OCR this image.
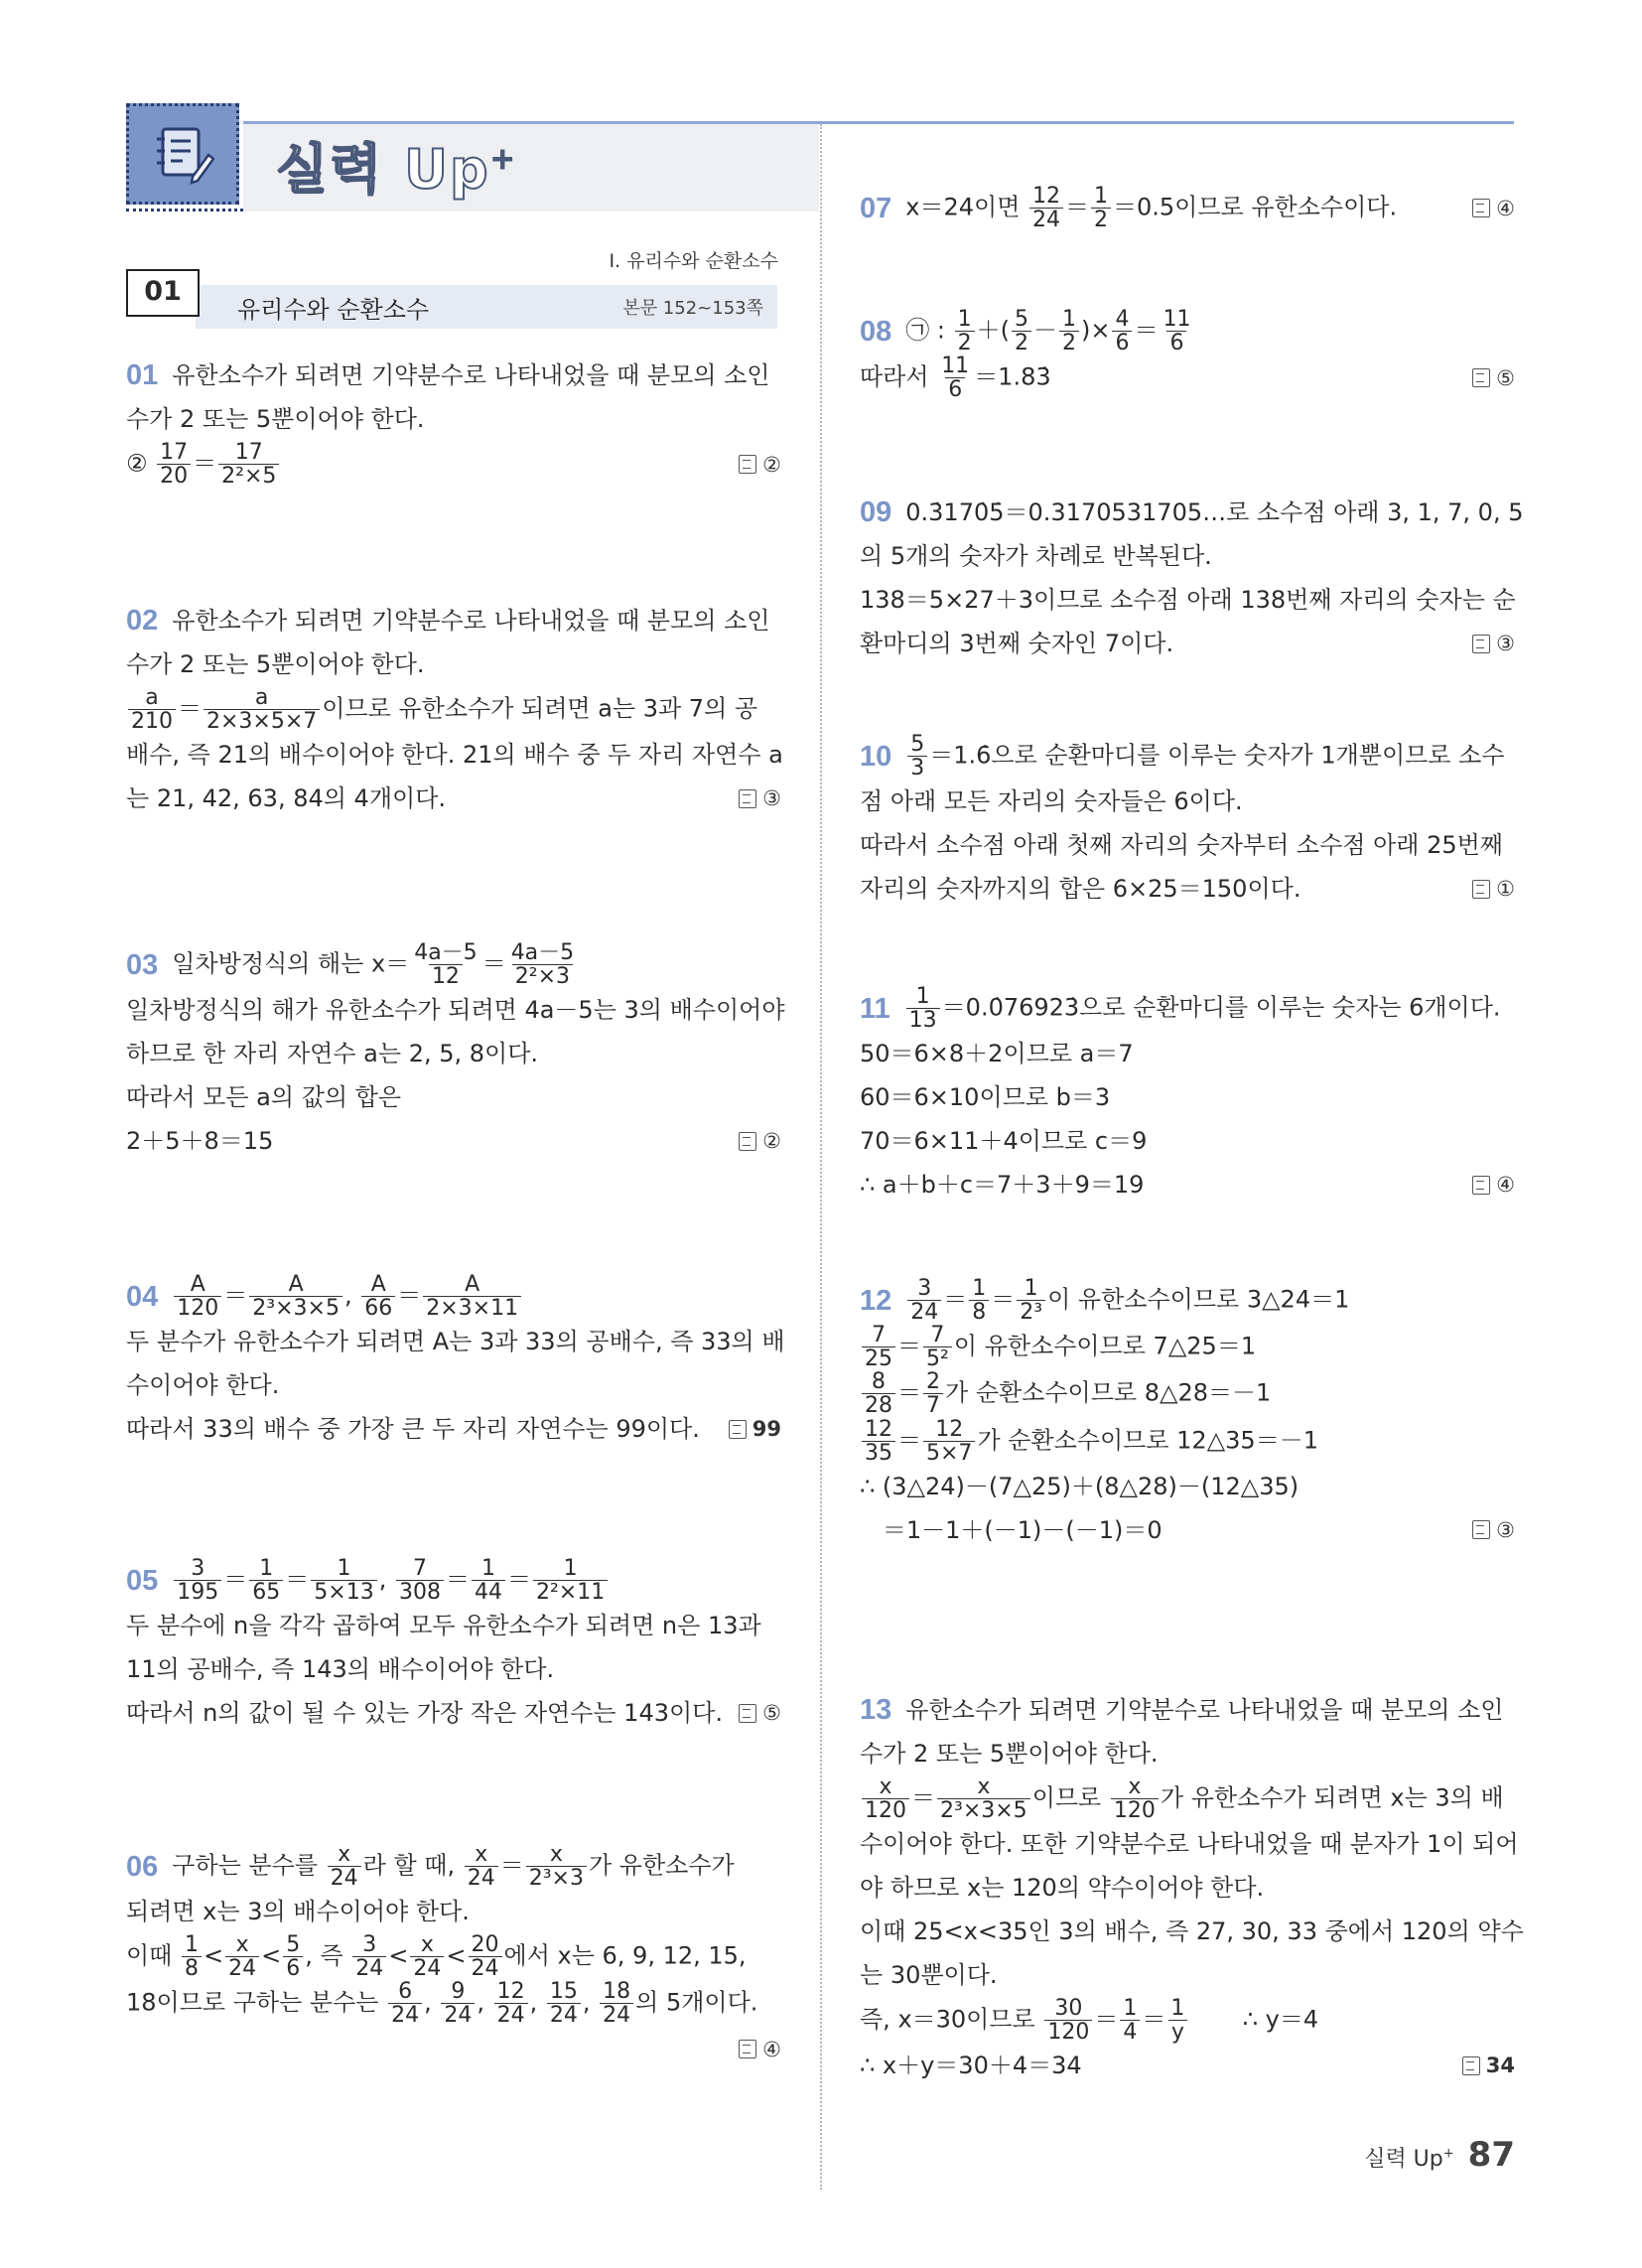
실력 Up+
Ⅰ. 유리수와 순환소수
유리수와 순환소수	본문 152~153쪽
01
01 유한소수가 되려면 기약분수로 나타내었을 때 분모의 소인
수가 2 또는 5뿐이어야 한다.
② $\frac{17}{20} = \frac{17}{\text{2²×5}}$	②
02 유한소수가 되려면 기약분수로 나타내었을 때 분모의 소인
수가 2 또는 5뿐이어야 한다.
$\frac{a}{210} = \frac{a}{2\times 3\times 5\times 7}$ 이므로 유한소수가 되려면 a는 3과 7의 공
배수, 즉 21의 배수이어야 한다. 21의 배수 중 두 자리 자연수 a
는 21, 42, 63, 84의 4개이다.	③
03 일차방정식의 해는 $x= \frac{4a-5}{12} = \frac{4a-5}{\text{2²×3}}$
일차방정식의 해가 유한소수가 되려면 4a－5는 3의 배수이어야
하므로 한 자리 자연수 a는 2, 5, 8이다.
따라서 모든 a의 값의 합은
2＋5＋8＝15	②
$04 \frac{A}{120} = \frac{A}{\text{2³×3×5}}$ , $\frac{A}{66} = \frac{A}{2\times 3\times 11}$
두 분수가 유한소수가 되려면 A는 3과 33의 공배수, 즉 33의 배
수이어야 한다.
따라서 33의 배수 중 가장 큰 두 자리 자연수는 99이다.	99
$05 \frac{3}{195} = \frac{1}{65} = \frac{1}{5\times 13}$ , $\frac{7}{308} = \frac{1}{44} = \frac{1}{\text{2²×11}}$
두 분수에 n을 각각 곱하여 모두 유한소수가 되려면 n은 13과
11의 공배수, 즉 143의 배수이어야 한다.
따라서 n의 값이 될 수 있는 가장 작은 자연수는 143이다. ⑤
06 구하는 분수를 $\frac{x}{24}$ 라 할 때, $\frac{x}{24} = \frac{x}{\text{2³×3}}$ 가 유한소수가
되려면 x는 3의 배수이어야 한다.
이때 $\frac{1}{8} < \frac{x}{24} < \frac{5}{6}$ , 즉 $\frac{3}{24} < \frac{x}{24} < \frac{20}{24}$ 에서 x는 6, 9, 12, 15,
18이므로 구하는 분수는 $\frac{6}{24}$ , $\frac{9}{24}$ , $\frac{12}{24}$ , $\frac{15}{24}$ , $\frac{18}{24}$ 의 5개이다.
④
07 x＝24이면 $\frac{12}{24} = \frac{1}{2} =0.5$이므로 유한소수이다.	④
08 ㉠ : $\frac{1}{2}$ ＋( $\frac{5}{2} - \frac{1}{2}$ )× $\frac{4}{6} = \frac{11}{6}$
따라서 $\frac{11}{6}$ ＝1.83̇	⑤
09 0.3̇170̇5̇＝0.3170531705…로 소수점 아래 3, 1, 7, 0, 5
의 5개의 숫자가 차례로 반복된다.
138＝5×27＋3이므로 소수점 아래 138번째 자리의 숫자는 순
환마디의 3번째 숫자인 7이다.	③
$10 \frac{5}{3}$ ＝1.6̇으로 순환마디를 이루는 숫자가 1개뿐이므로 소수
점 아래 모든 자리의 숫자들은 6이다.
따라서 소수점 아래 첫째 자리의 숫자부터 소수점 아래 25번째
자리의 숫자까지의 합은 6×25＝150이다.	①
$11 \frac{1}{13}$ ＝0.0̇76923̇으로 순환마디를 이루는 숫자는 6개이다.
50＝6×8＋2이므로 a＝7
60＝6×10이므로 b＝3
70＝6×11＋4이므로 c＝9
∴ a＋b＋c＝7＋3＋9＝19	④
$12 \frac{3}{24} = \frac{1}{8} = \frac{1}{\text{2³}}$ 이 유한소수이므로 3△24＝1
$\frac{7}{25} = \frac{7}{\text{5²}}$ 이 유한소수이므로 7△25＝1
$\frac{8}{28} = \frac{2}{7}$ 가 순환소수이므로 8△28＝－1
$\frac{12}{35} = \frac{12}{5\times 7}$ 가 순환소수이므로 12△35＝－1
∴ (3△24)－(7△25)＋(8△28)－(12△35)
＝1－1＋(－1)－(－1)＝0	③
13 유한소수가 되려면 기약분수로 나타내었을 때 분모의 소인
수가 2 또는 5뿐이어야 한다.
$\frac{x}{120} = \frac{x}{\text{2³×3×5}}$ 이므로 $\frac{x}{120}$ 가 유한소수가 되려면 x는 3의 배
수이어야 한다. 또한 기약분수로 나타내었을 때 분자가 1이 되어
야 하므로 x는 120의 약수이어야 한다.
이때 25<x<35인 3의 배수, 즉 27, 30, 33 중에서 120의 약수
는 30뿐이다.
즉, x＝30이므로 $\frac{30}{120} = \frac{1}{4} = \frac{1}{y}$ ∴ y＝4
∴ x＋y＝30＋4＝34	34
실력 Up+ 87
